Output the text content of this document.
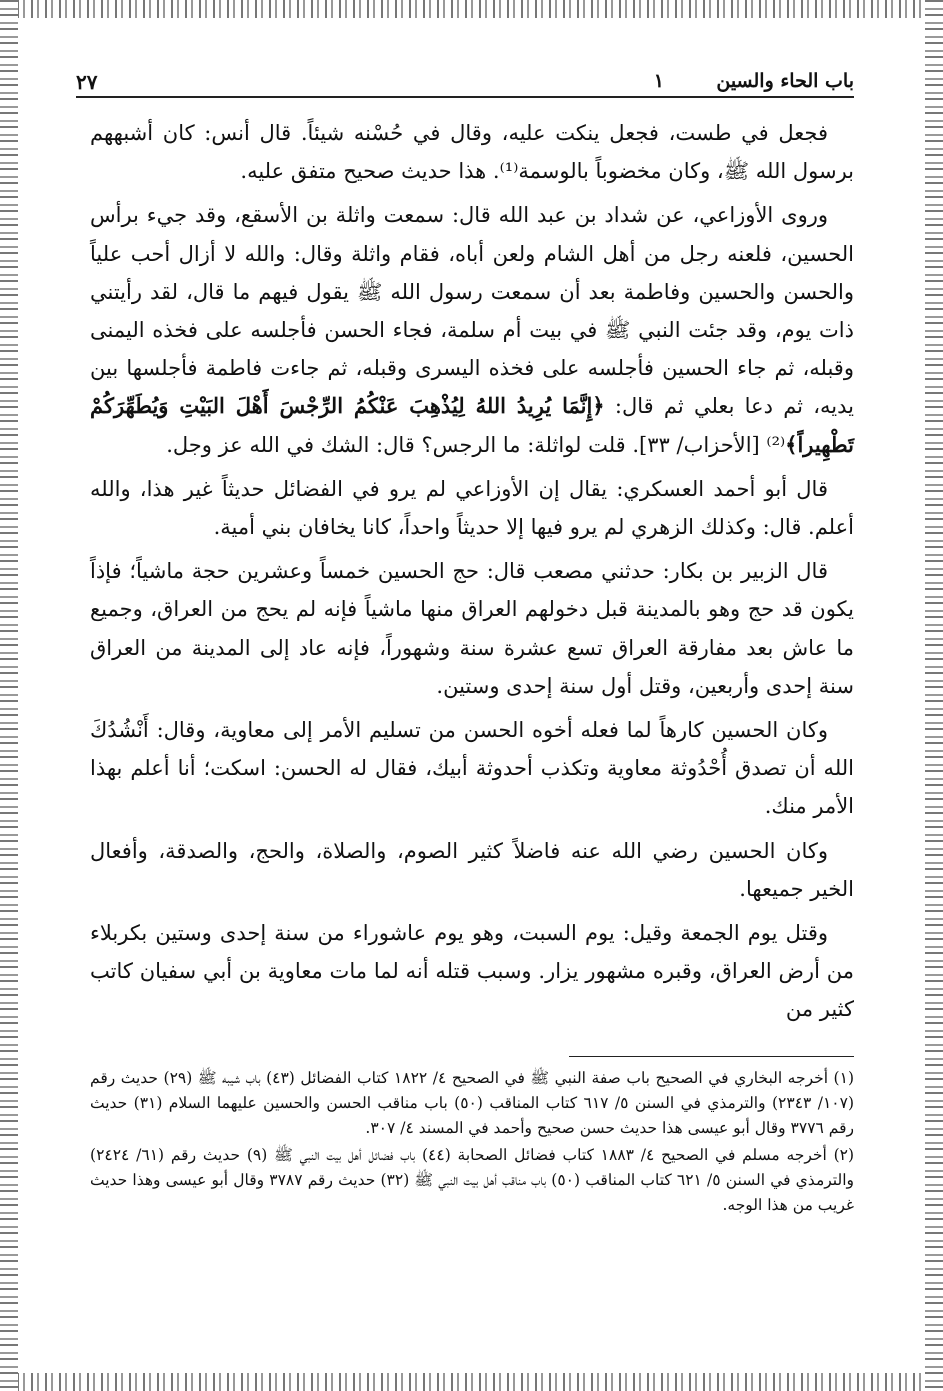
باب الحاء والسين
١
٢٧

فجعل في طست، فجعل ينكت عليه، وقال في حُسْنه شيئاً. قال أنس: كان أشبههم برسول الله ﷺ، وكان مخضوباً بالوسمة⁽¹⁾. هذا حديث صحيح متفق عليه.

وروى الأوزاعي، عن شداد بن عبد الله قال: سمعت واثلة بن الأسقع، وقد جيء برأس الحسين، فلعنه رجل من أهل الشام ولعن أباه، فقام واثلة وقال: والله لا أزال أحب علياً والحسن والحسين وفاطمة بعد أن سمعت رسول الله ﷺ يقول فيهم ما قال، لقد رأيتني ذات يوم، وقد جئت النبي ﷺ في بيت أم سلمة، فجاء الحسن فأجلسه على فخذه اليمنى وقبله، ثم جاء الحسين فأجلسه على فخذه اليسرى وقبله، ثم جاءت فاطمة فأجلسها بين يديه، ثم دعا بعلي ثم قال: ﴿إِنَّمَا يُرِيدُ اللهُ لِيُذْهِبَ عَنْكُمُ الرِّجْسَ أَهْلَ البَيْتِ وَيُطَهِّرَكُمْ تَطْهِيراً﴾⁽²⁾ [الأحزاب/ ٣٣]. قلت لواثلة: ما الرجس؟ قال: الشك في الله عز وجل.

قال أبو أحمد العسكري: يقال إن الأوزاعي لم يرو في الفضائل حديثاً غير هذا، والله أعلم. قال: وكذلك الزهري لم يرو فيها إلا حديثاً واحداً، كانا يخافان بني أمية.

قال الزبير بن بكار: حدثني مصعب قال: حج الحسين خمساً وعشرين حجة ماشياً؛ فإذاً يكون قد حج وهو بالمدينة قبل دخولهم العراق منها ماشياً فإنه لم يحج من العراق، وجميع ما عاش بعد مفارقة العراق تسع عشرة سنة وشهوراً، فإنه عاد إلى المدينة من العراق سنة إحدى وأربعين، وقتل أول سنة إحدى وستين.

وكان الحسين كارهاً لما فعله أخوه الحسن من تسليم الأمر إلى معاوية، وقال: أَنْشُدُكَ الله أن تصدق أُحْدُوثة معاوية وتكذب أحدوثة أبيك، فقال له الحسن: اسكت؛ أنا أعلم بهذا الأمر منك.

وكان الحسين رضي الله عنه فاضلاً كثير الصوم، والصلاة، والحج، والصدقة، وأفعال الخير جميعها.

وقتل يوم الجمعة وقيل: يوم السبت، وهو يوم عاشوراء من سنة إحدى وستين بكربلاء من أرض العراق، وقبره مشهور يزار. وسبب قتله أنه لما مات معاوية بن أبي سفيان كاتب كثير من

(١) أخرجه البخاري في الصحيح باب صفة النبي ﷺ في الصحيح ٤/ ١٨٢٢ كتاب الفضائل (٤٣) باب شيبه ﷺ (٢٩) حديث رقم (١٠٧/ ٢٣٤٣) والترمذي في السنن ٥/ ٦١٧ كتاب المناقب (٥٠) باب مناقب الحسن والحسين عليهما السلام (٣١) حديث رقم ٣٧٧٦ وقال أبو عيسى هذا حديث حسن صحيح وأحمد في المسند ٤/ ٣٠٧.

(٢) أخرجه مسلم في الصحيح ٤/ ١٨٨٣ كتاب فضائل الصحابة (٤٤) باب فضائل أهل بيت النبي ﷺ (٩) حديث رقم (٦١/ ٢٤٢٤) والترمذي في السنن ٥/ ٦٢١ كتاب المناقب (٥٠) باب مناقب أهل بيت النبي ﷺ (٣٢) حديث رقم ٣٧٨٧ وقال أبو عيسى وهذا حديث غريب من هذا الوجه.
